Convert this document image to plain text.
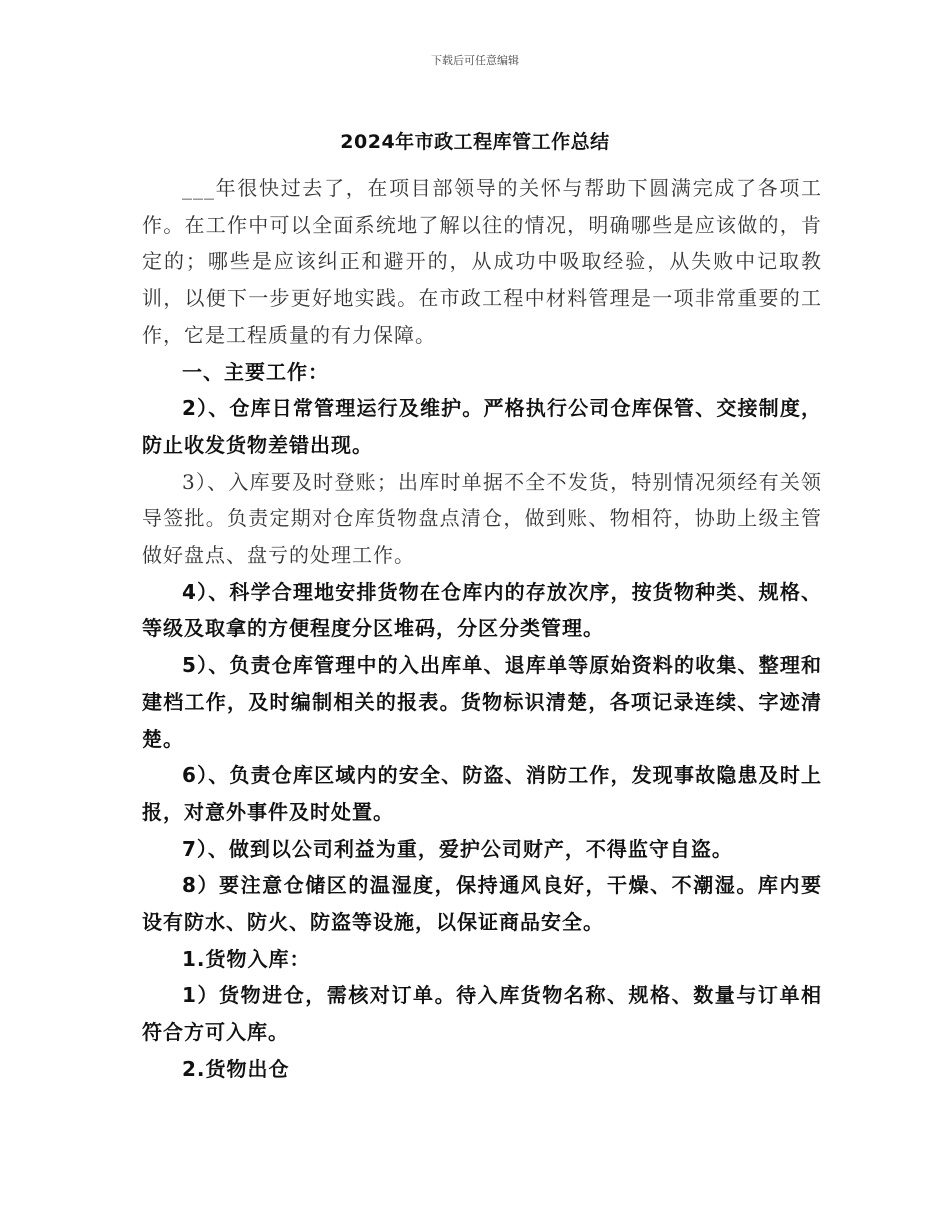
下载后可任意编辑
2024年市政工程库管工作总结

___年很快过去了，在项目部领导的关怀与帮助下圆满完成了各项工作。在工作中可以全面系统地了解以往的情况，明确哪些是应该做的，肯定的；哪些是应该纠正和避开的，从成功中吸取经验，从失败中记取教训，以便下一步更好地实践。在市政工程中材料管理是一项非常重要的工作，它是工程质量的有力保障。

一、主要工作：

2）、仓库日常管理运行及维护。严格执行公司仓库保管、交接制度，防止收发货物差错出现。

3）、入库要及时登账；出库时单据不全不发货，特别情况须经有关领导签批。负责定期对仓库货物盘点清仓，做到账、物相符，协助上级主管做好盘点、盘亏的处理工作。

4）、科学合理地安排货物在仓库内的存放次序，按货物种类、规格、等级及取拿的方便程度分区堆码，分区分类管理。

5）、负责仓库管理中的入出库单、退库单等原始资料的收集、整理和建档工作，及时编制相关的报表。货物标识清楚，各项记录连续、字迹清楚。

6）、负责仓库区域内的安全、防盗、消防工作，发现事故隐患及时上报，对意外事件及时处置。

7）、做到以公司利益为重，爱护公司财产，不得监守自盗。

8）要注意仓储区的温湿度，保持通风良好，干燥、不潮湿。库内要设有防水、防火、防盗等设施，以保证商品安全。

1.货物入库：

1）货物进仓，需核对订单。待入库货物名称、规格、数量与订单相符合方可入库。

2.货物出仓
